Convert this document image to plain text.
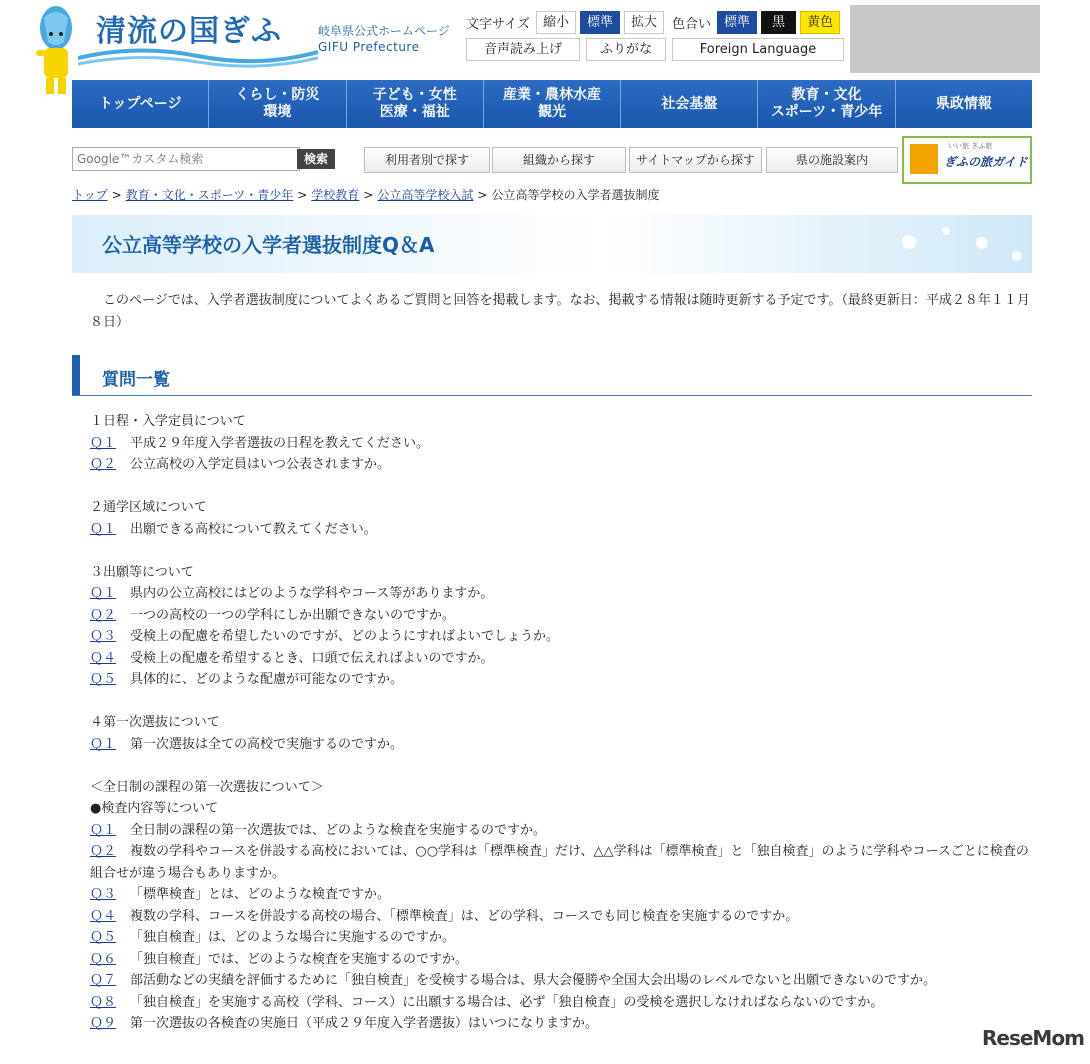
清流の国ぎふ	岐阜県公式ホームページ
GIFU Prefecture
文字サイズ	縮小	標準	拡大	色合い	標準	黒	黄色
音声読み上げ	ふりがな	Foreign Language
トップページ
くらし・防災
環境
子ども・女性
医療・福祉
産業・農林水産
観光
社会基盤
教育・文化
スポーツ・青少年
県政情報
Google™カスタム検索
検索	利用者別で探す	組織から探す	サイトマップから探す	県の施設案内
いい旅 ぎふ旅
ぎふの旅ガイド
トップ > 教育・文化・スポーツ・青少年 > 学校教育 > 公立高等学校入試 > 公立高等学校の入学者選抜制度
公立高等学校の入学者選抜制度Q＆A

このページでは、入学者選抜制度についてよくあるご質問と回答を掲載します。なお、掲載する情報は随時更新する予定です。（最終更新日：平成２８年１１月８日）

質問一覧

１日程・入学定員について

Ｑ１ 平成２９年度入学者選抜の日程を教えてください。

Ｑ２ 公立高校の入学定員はいつ公表されますか。

２通学区域について

Ｑ１ 出願できる高校について教えてください。

３出願等について

Ｑ１ 県内の公立高校にはどのような学科やコース等がありますか。

Ｑ２ 一つの高校の一つの学科にしか出願できないのですか。

Ｑ３ 受検上の配慮を希望したいのですが、どのようにすればよいでしょうか。

Ｑ４ 受検上の配慮を希望するとき、口頭で伝えればよいのですか。

Ｑ５ 具体的に、どのような配慮が可能なのですか。

４第一次選抜について

Ｑ１ 第一次選抜は全ての高校で実施するのですか。

＜全日制の課程の第一次選抜について＞

●検査内容等について

Ｑ１ 全日制の課程の第一次選抜では、どのような検査を実施するのですか。

Ｑ２ 複数の学科やコースを併設する高校においては、○○学科は「標準検査」だけ、△△学科は「標準検査」と「独自検査」のように学科やコースごとに検査の組合せが違う場合もありますか。

Ｑ３ 「標準検査」とは、どのような検査ですか。

Ｑ４ 複数の学科、コースを併設する高校の場合、「標準検査」は、どの学科、コースでも同じ検査を実施するのですか。

Ｑ５ 「独自検査」は、どのような場合に実施するのですか。

Ｑ６ 「独自検査」では、どのような検査を実施するのですか。

Ｑ７ 部活動などの実績を評価するために「独自検査」を受検する場合は、県大会優勝や全国大会出場のレベルでないと出願できないのですか。

Ｑ８ 「独自検査」を実施する高校（学科、コース）に出願する場合は、必ず「独自検査」の受検を選択しなければならないのですか。

Ｑ９ 第一次選抜の各検査の実施日（平成２９年度入学者選抜）はいつになりますか。

ReseMom
